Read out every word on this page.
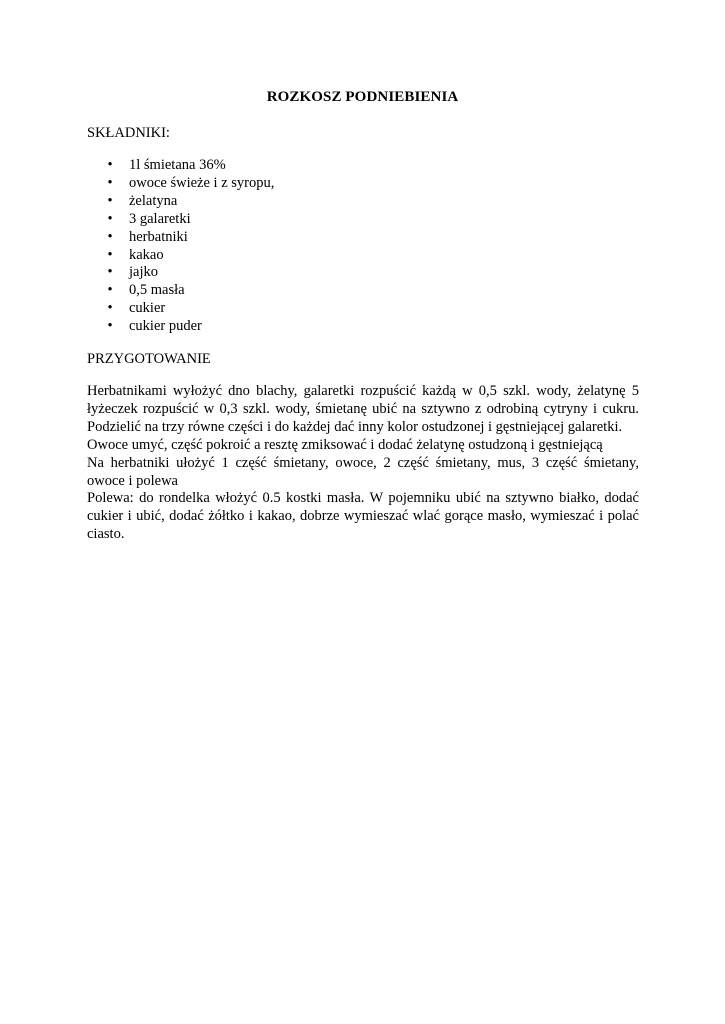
ROZKOSZ PODNIEBIENIA
SKŁADNIKI:
• 1l śmietana 36%
• owoce świeże i z syropu,
• żelatyna
• 3 galaretki
• herbatniki
• kakao
• jajko
• 0,5 masła
• cukier
• cukier puder
PRZYGOTOWANIE

Herbatnikami wyłożyć dno blachy, galaretki rozpuścić każdą w 0,5 szkl. wody, żelatynę 5 łyżeczek rozpuścić w 0,3 szkl. wody, śmietanę ubić na sztywno z odrobiną cytryny i cukru. Podzielić na trzy równe części i do każdej dać inny kolor ostudzonej i gęstniejącej galaretki.

Owoce umyć, część pokroić a resztę zmiksować i dodać żelatynę ostudzoną i gęstniejącą

Na herbatniki ułożyć 1 część śmietany, owoce, 2 część śmietany, mus, 3 część śmietany, owoce i polewa

Polewa: do rondelka włożyć 0.5 kostki masła. W pojemniku ubić na sztywno białko, dodać cukier i ubić, dodać żółtko i kakao, dobrze wymieszać wlać gorące masło, wymieszać i polać ciasto.
